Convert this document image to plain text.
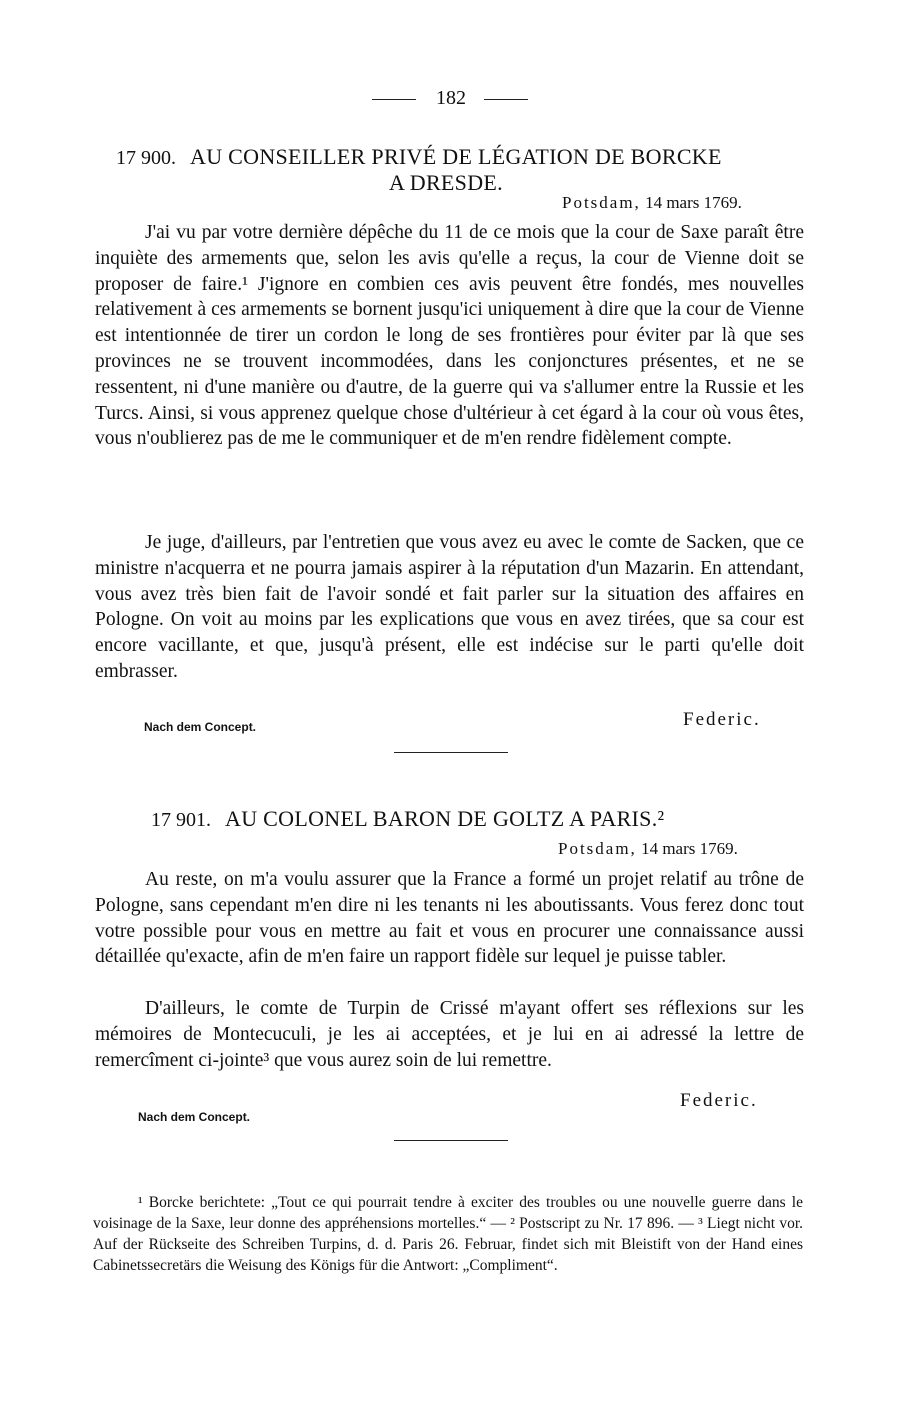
182
17 900. AU CONSEILLER PRIVÉ DE LÉGATION DE BORCKE
A DRESDE.
Potsdam, 14 mars 1769.

J'ai vu par votre dernière dépêche du 11 de ce mois que la cour de Saxe paraît être inquiète des armements que, selon les avis qu'elle a reçus, la cour de Vienne doit se proposer de faire.¹ J'ignore en combien ces avis peuvent être fondés, mes nouvelles relativement à ces armements se bornent jusqu'ici uniquement à dire que la cour de Vienne est intentionnée de tirer un cordon le long de ses frontières pour éviter par là que ses provinces ne se trouvent incommodées, dans les conjonctures présentes, et ne se ressentent, ni d'une manière ou d'autre, de la guerre qui va s'allumer entre la Russie et les Turcs. Ainsi, si vous apprenez quelque chose d'ultérieur à cet égard à la cour où vous êtes, vous n'oublierez pas de me le communiquer et de m'en rendre fidèlement compte.

Je juge, d'ailleurs, par l'entretien que vous avez eu avec le comte de Sacken, que ce ministre n'acquerra et ne pourra jamais aspirer à la réputation d'un Mazarin. En attendant, vous avez très bien fait de l'avoir sondé et fait parler sur la situation des affaires en Pologne. On voit au moins par les explications que vous en avez tirées, que sa cour est encore vacillante, et que, jusqu'à présent, elle est indécise sur le parti qu'elle doit embrasser.

Nach dem Concept.	Federic.
17 901. AU COLONEL BARON DE GOLTZ A PARIS.²
Potsdam, 14 mars 1769.

Au reste, on m'a voulu assurer que la France a formé un projet relatif au trône de Pologne, sans cependant m'en dire ni les tenants ni les aboutissants. Vous ferez donc tout votre possible pour vous en mettre au fait et vous en procurer une connaissance aussi détaillée qu'exacte, afin de m'en faire un rapport fidèle sur lequel je puisse tabler.

D'ailleurs, le comte de Turpin de Crissé m'ayant offert ses réflexions sur les mémoires de Montecuculi, je les ai acceptées, et je lui en ai adressé la lettre de remercîment ci-jointe³ que vous aurez soin de lui remettre.

Nach dem Concept.
Federic.

¹ Borcke berichtete: „Tout ce qui pourrait tendre à exciter des troubles ou une nouvelle guerre dans le voisinage de la Saxe, leur donne des appréhensions mortelles.“ — ² Postscript zu Nr. 17 896. — ³ Liegt nicht vor. Auf der Rückseite des Schreiben Turpins, d. d. Paris 26. Februar, findet sich mit Bleistift von der Hand eines Cabinetssecretärs die Weisung des Königs für die Antwort: „Compliment“.
